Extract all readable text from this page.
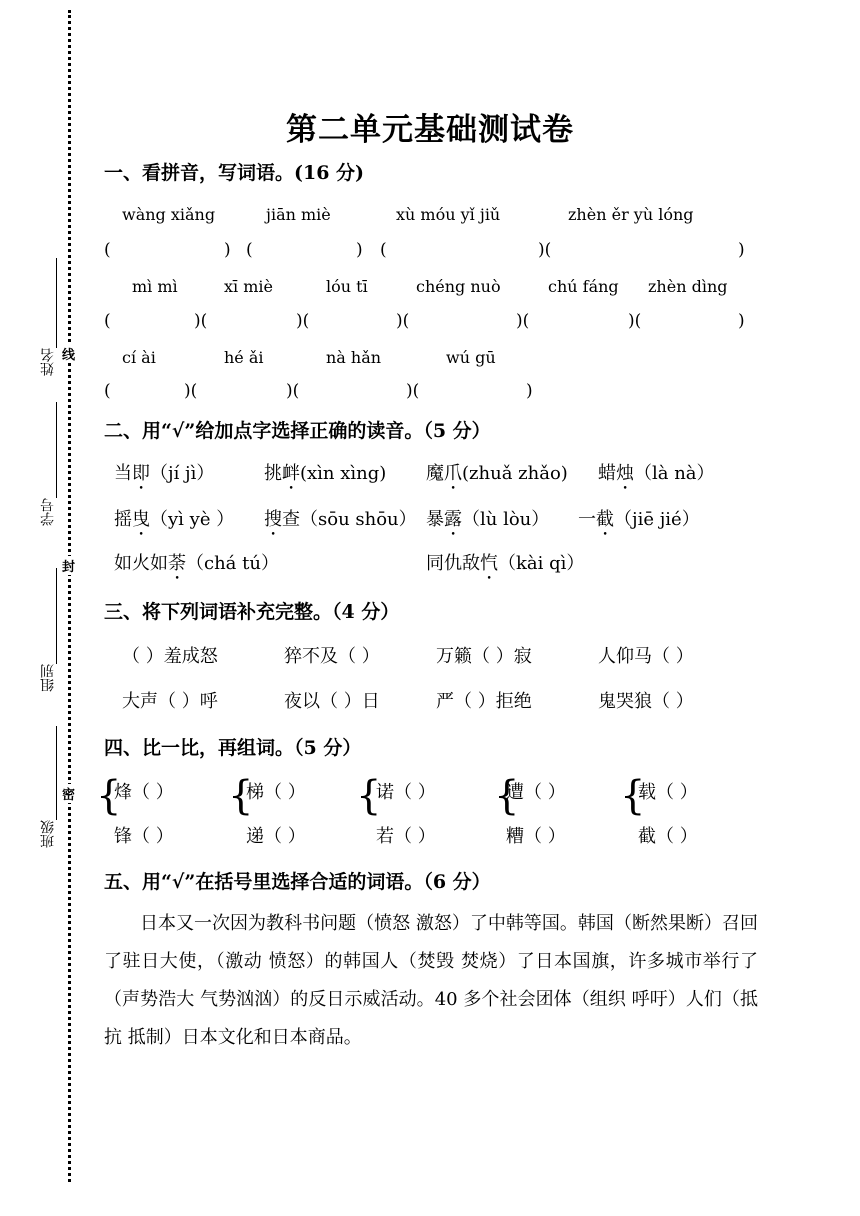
姓名
学号
组别
班级
线
封
密
第二单元基础测试卷
一、看拼音，写词语。(16 分)
wàng xiǎng	jiān miè	xù móu yǐ jiǔ	zhèn ěr yù lóng
(	) (	) (	)(	)
mì mì	xī miè	lóu tī	chéng nuò	chú fáng zhèn dìng
(	)(	)(	)(	)(	)(	)
cí ài	hé ǎi	nà hǎn	wú gū
(	)(	)(	)(	)
二、用“√”给加点字选择正确的读音。（5 分）
当即（jí jì）	挑衅(xìn xìng) 魔爪(zhuǎ zhǎo) 蜡烛（là nà）
摇曳（yì yè ） 搜查（sōu shōu） 暴露（lù lòu） 一截（jiē jié）
如火如荼（chá tú）	同仇敌忾（kài qì）
三、将下列词语补充完整。（4 分）
（ ）羞成怒	猝不及（ ）	万籁（ ）寂	人仰马（ ）
大声（ ）呼	夜以（ ）日	严（ ）拒绝	鬼哭狼（ ）
四、比一比，再组词。（5 分）
{	{	{	{	{
烽（ ）
锋（ ）
梯（ ）
递（ ）
诺（ ）
若（ ）
遭（ ）
糟（ ）
载（ ）
截（ ）
五、用“√”在括号里选择合适的词语。（6 分）
日本又一次因为教科书问题（愤怒 激怒）了中韩等国。韩国（断然果断）召回了驻日大使，（激动 愤怒）的韩国人（焚毁 焚烧）了日本国旗，许多城市举行了（声势浩大 气势汹汹）的反日示威活动。40 多个社会团体（组织 呼吁）人们（抵抗 抵制）日本文化和日本商品。
